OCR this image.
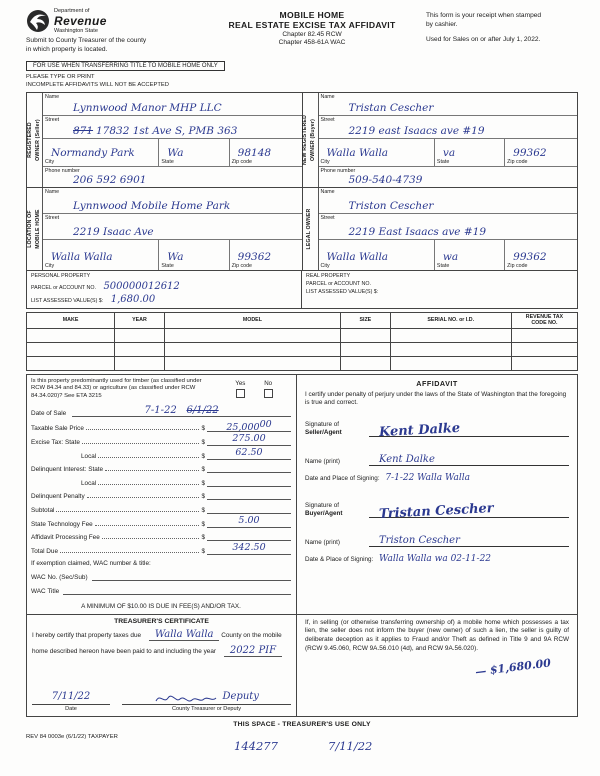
Department of
Revenue
Washington State
Submit to County Treasurer of the county
in which property is located.
MOBILE HOME
REAL ESTATE EXCISE TAX AFFIDAVIT
Chapter 82.45 RCW
Chapter 458-61A WAC
This form is your receipt when stamped
by cashier.
Used for Sales on or after July 1, 2022.
FOR USE WHEN TRANSFERRING TITLE TO MOBILE HOME ONLY
PLEASE TYPE OR PRINT
INCOMPLETE AFFIDAVITS WILL NOT BE ACCEPTED
REGISTERED
OWNER (Seller)
Name
Lynnwood Manor MHP LLC
Street
871 17832 1st Ave S, PMB 363
City
Normandy Park
State
Wa
Zip code
98148
Phone number
206 592 6901
NEW REGISTERED
OWNER (Buyer)
Name
Tristan Cescher
Street
2219 east Isaacs ave #19
City
Walla Walla
State
va
Zip code
99362
Phone number
509-540-4739
LOCATION OF
MOBILE HOME
Name
Lynnwood Mobile Home Park
Street
2219 Isaac Ave
City
Walla Walla
State
Wa
Zip code
99362
LEGAL OWNER
Name
Triston Cescher
Street
2219 East Isaacs ave #19
City
Walla Walla
State
wa
Zip code
99362
PERSONAL PROPERTY
PARCEL or ACCOUNT NO. 500000012612
LIST ASSESSED VALUE(S) $: 1,680.00
REAL PROPERTY
PARCEL or ACCOUNT NO.
LIST ASSESSED VALUE(S) $:
MAKE	YEAR	MODEL	SIZE	SERIAL NO. or I.D.	REVENUE TAX
CODE NO.

Is this property predominantly used for timber (as classified under RCW 84.34 and 84.33) or agriculture (as classified under RCW 84.34.020)? See ETA 3215
Yes	No
Date of Sale	7-1-22 6/1/22
Taxable Sale Price	$	25,000$^{00}$
Excise Tax: State	$	275.00
Local	$	62.50
Delinquent Interest: State	$
Local	$
Delinquent Penalty	$
Subtotal	$
State Technology Fee	$	5.00
Affidavit Processing Fee	$
Total Due	$	342.50
If exemption claimed, WAC number & title:
WAC No. (Sec/Sub)
WAC Title
A MINIMUM OF $10.00 IS DUE IN FEE(S) AND/OR TAX.
AFFIDAVIT
I certify under penalty of perjury under the laws of the State of Washington that the foregoing is true and correct.
Signature of
Seller/Agent	Kent Dalke
Name (print)	Kent Dalke
Date and Place of Signing: 7-1-22 Walla Walla
Signature of
Buyer/Agent	Tristan Cescher
Name (print)	Triston Cescher
Date & Place of Signing: Walla Walla wa 02-11-22
TREASURER'S CERTIFICATE
I hereby certify that property taxes due Walla Walla County on the mobile home described hereon have been paid to and including the year 2022 PIF
7/11/22
Date
Deputy
County Treasurer or Deputy
If, in selling (or otherwise transferring ownership of) a mobile home which possesses a tax lien, the seller does not inform the buyer (new owner) of such a lien, the seller is guilty of deliberate deception as it applies to Fraud and/or Theft as defined in Title 9 and 9A RCW (RCW 9.45.060, RCW 9A.56.010 (4d), and RCW 9A.56.020).
— $1,680.00
THIS SPACE - TREASURER'S USE ONLY
REV 84 0003e (6/1/22) TAXPAYER
144277	7/11/22
